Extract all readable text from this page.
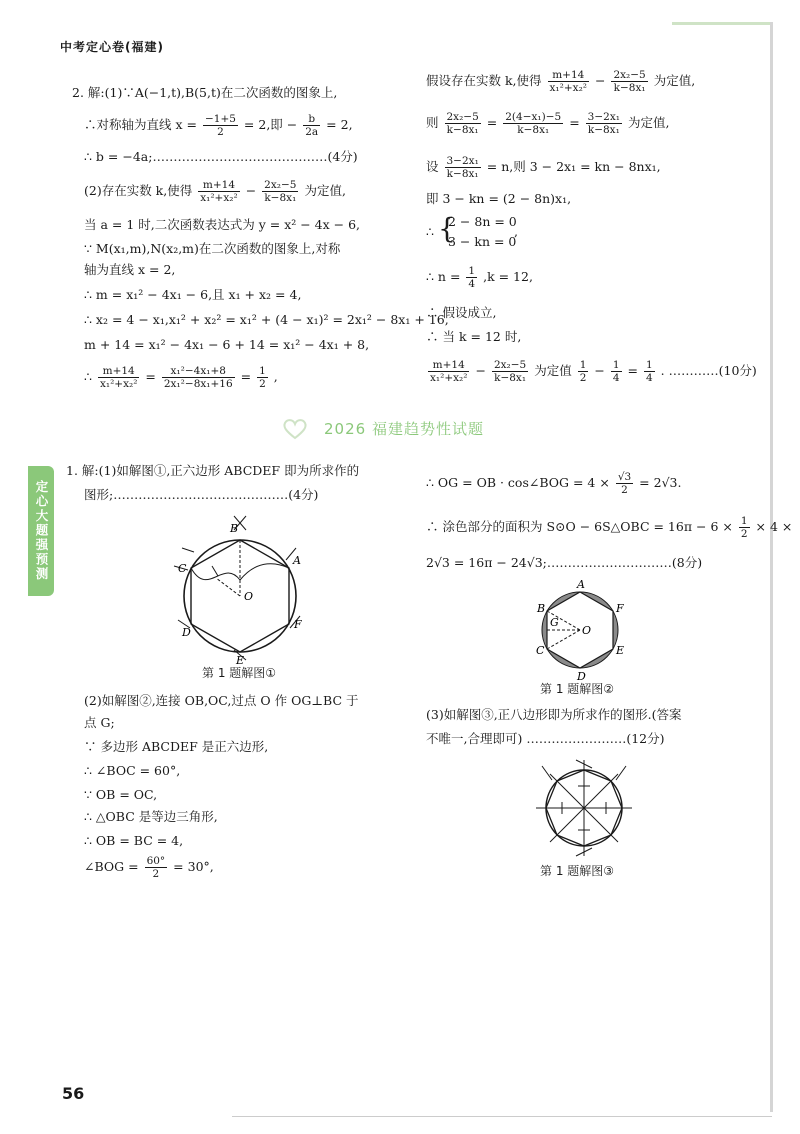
中考定心卷(福建)
定心大题强预测
56
2. 解:(1)∵A(−1,t),B(5,t)在二次函数的图象上,
∴对称轴为直线 $x = \frac{-1+5}{2} = 2$,即 − $\frac{b}{2a} = 2$,
∴ b = −4a;……………………………………(4分)
(2)存在实数 k,使得 $\frac{m+14}{\text{x₁²+x₂²}} - \frac{\text{2x₂−5}}{\text{k−8x₁}}$ 为定值,
当 a = 1 时,二次函数表达式为 y = x² − 4x − 6,
∵ M(x₁,m),N(x₂,m)在二次函数的图象上,对称
轴为直线 x = 2,
∴ m = x₁² − 4x₁ − 6,且 x₁ + x₂ = 4,
∴ x₂ = 4 − x₁,x₁² + x₂² = x₁² + (4 − x₁)² = 2x₁² − 8x₁ + 16,
m + 14 = x₁² − 4x₁ − 6 + 14 = x₁² − 4x₁ + 8,
∴ $\frac{m+14}{\text{x₁²+x₂²}} = \frac{\text{x₁²−4x₁+8}}{\text{2x₁²−8x₁+16}} = \frac{1}{2}$ ,
假设存在实数 k,使得 $\frac{m+14}{\text{x₁²+x₂²}} - \frac{\text{2x₂−5}}{\text{k−8x₁}}$ 为定值,
则 $\frac{\text{2x₂−5}}{\text{k−8x₁}} = \frac{\text{2(4−x₁)−5}}{\text{k−8x₁}} = \frac{\text{3−2x₁}}{\text{k−8x₁}}$ 为定值,
设 $\frac{\text{3−2x₁}}{\text{k−8x₁}} = n$,则 3 − 2x₁ = kn − 8nx₁,
即 3 − kn = (2 − 8n)x₁,
∴ {
2 − 8n = 0
3 − kn = 0
,
∴ $n = \frac{1}{4} ,k = 12$,
∴ 假设成立,
∴ 当 k = 12 时,
$\frac{m+14}{\text{x₁²+x₂²}} - \frac{\text{2x₂−5}}{\text{k−8x₁}}$ 为定值 $\frac{1}{2} - \frac{1}{4} = \frac{1}{4}$ . …………(10分)
2026 福建趋势性试题
1. 解:(1)如解图①,正六边形 ABCDEF 即为所求作的
图形;……………………………………(4分)
B
C
A
D
F
E
O
第 1 题解图①
(2)如解图②,连接 OB,OC,过点 O 作 OG⊥BC 于
点 G;
∵ 多边形 ABCDEF 是正六边形,
∴ ∠BOC = 60°,
∵ OB = OC,
∴ △OBC 是等边三角形,
∴ OB = BC = 4,
∠BOG = $\frac{60^\circ}{2} = 30^\circ$,
∴ OG = OB · cos∠BOG = $4 \times \frac{√3}{2} = 2√3$.
∴ 涂色部分的面积为 S⊙O − 6S△OBC = $16\pi - 6 \times \frac{1}{2} \times 4$ ×
2√3 = 16π − 24√3;…………………………(8分)
A
B
G
O
F
C	E
D
第 1 题解图②
(3)如解图③,正八边形即为所求作的图形.(答案
不唯一,合理即可) ……………………(12分)
第 1 题解图③
